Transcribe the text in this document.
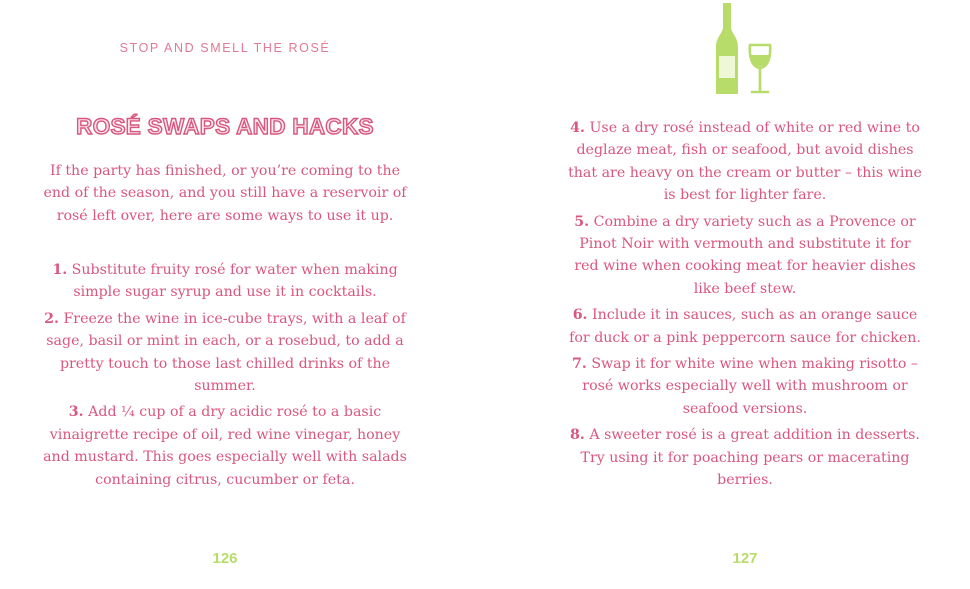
STOP AND SMELL THE ROSÉ
ROSÉ SWAPS AND HACKS
If the party has finished, or you’re coming to the end of the season, and you still have a reservoir of rosé left over, here are some ways to use it up.
1. Substitute fruity rosé for water when making simple sugar syrup and use it in cocktails.
2. Freeze the wine in ice-cube trays, with a leaf of sage, basil or mint in each, or a rosebud, to add a pretty touch to those last chilled drinks of the summer.
3. Add ¼ cup of a dry acidic rosé to a basic vinaigrette recipe of oil, red wine vinegar, honey and mustard. This goes especially well with salads containing citrus, cucumber or feta.
126
4. Use a dry rosé instead of white or red wine to deglaze meat, fish or seafood, but avoid dishes that are heavy on the cream or butter – this wine is best for lighter fare.
5. Combine a dry variety such as a Provence or Pinot Noir with vermouth and substitute it for red wine when cooking meat for heavier dishes like beef stew.
6. Include it in sauces, such as an orange sauce for duck or a pink peppercorn sauce for chicken.
7. Swap it for white wine when making risotto – rosé works especially well with mushroom or seafood versions.
8. A sweeter rosé is a great addition in desserts. Try using it for poaching pears or macerating berries.
127
